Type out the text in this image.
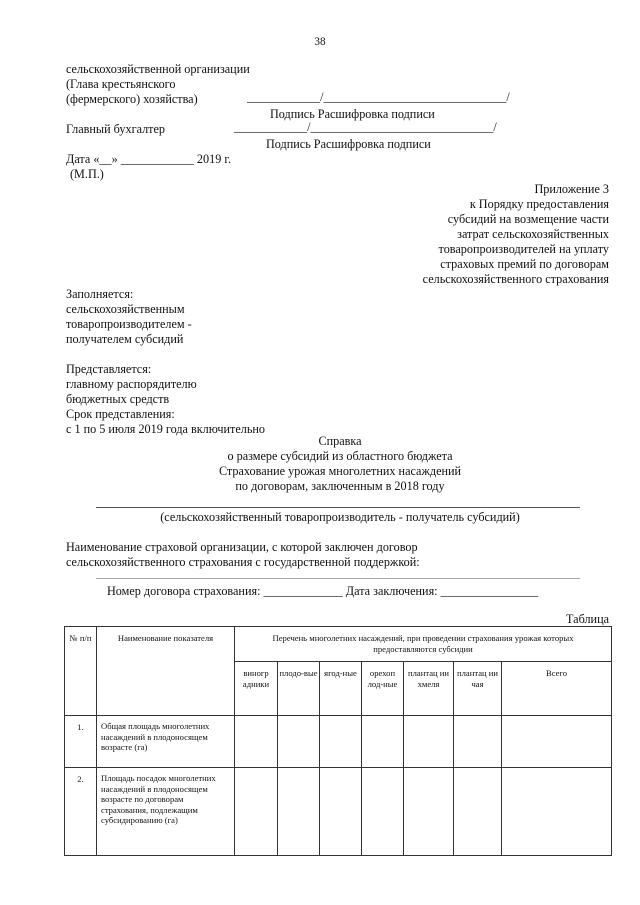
38
сельскохозяйственной организации
(Глава крестьянского
(фермерского) хозяйства)	____________/______________________________/
Подпись Расшифровка подписи
Главный бухгалтер	____________/______________________________/
Подпись Расшифровка подписи
Дата «__» ____________ 2019 г.
(М.П.)
Приложение 3
к Порядку предоставления
субсидий на возмещение части
затрат сельскохозяйственных
товаропроизводителей на уплату
страховых премий по договорам
сельскохозяйственного страхования
Заполняется:
сельскохозяйственным
товаропроизводителем -
получателем субсидий
Представляется:
главному распорядителю
бюджетных средств
Срок представления:
с 1 по 5 июля 2019 года включительно
Справка
о размере субсидий из областного бюджета
Страхование урожая многолетних насаждений
по договорам, заключенным в 2018 году
(сельскохозяйственный товаропроизводитель - получатель субсидий)
Наименование страховой организации, с которой заключен договор
сельскохозяйственного страхования с государственной поддержкой:
Номер договора страхования: _____________ Дата заключения: ________________
Таблица
№ п/п	Наименование показателя	Перечень многолетних насаждений, при проведении страхования урожая которых предоставляются субсидии						
		виногр адники	плодо-вые	ягод-ные	орехоп лод-ные	плантац ии хмеля	плантац ии чая	Всего
1.	Общая площадь многолетних насаждений в плодоносящем возрасте (га)							
2.	Площадь посадок многолетних насаждений в плодоносящем возрасте по договорам страхования, подлежащим субсидированию (га)							
